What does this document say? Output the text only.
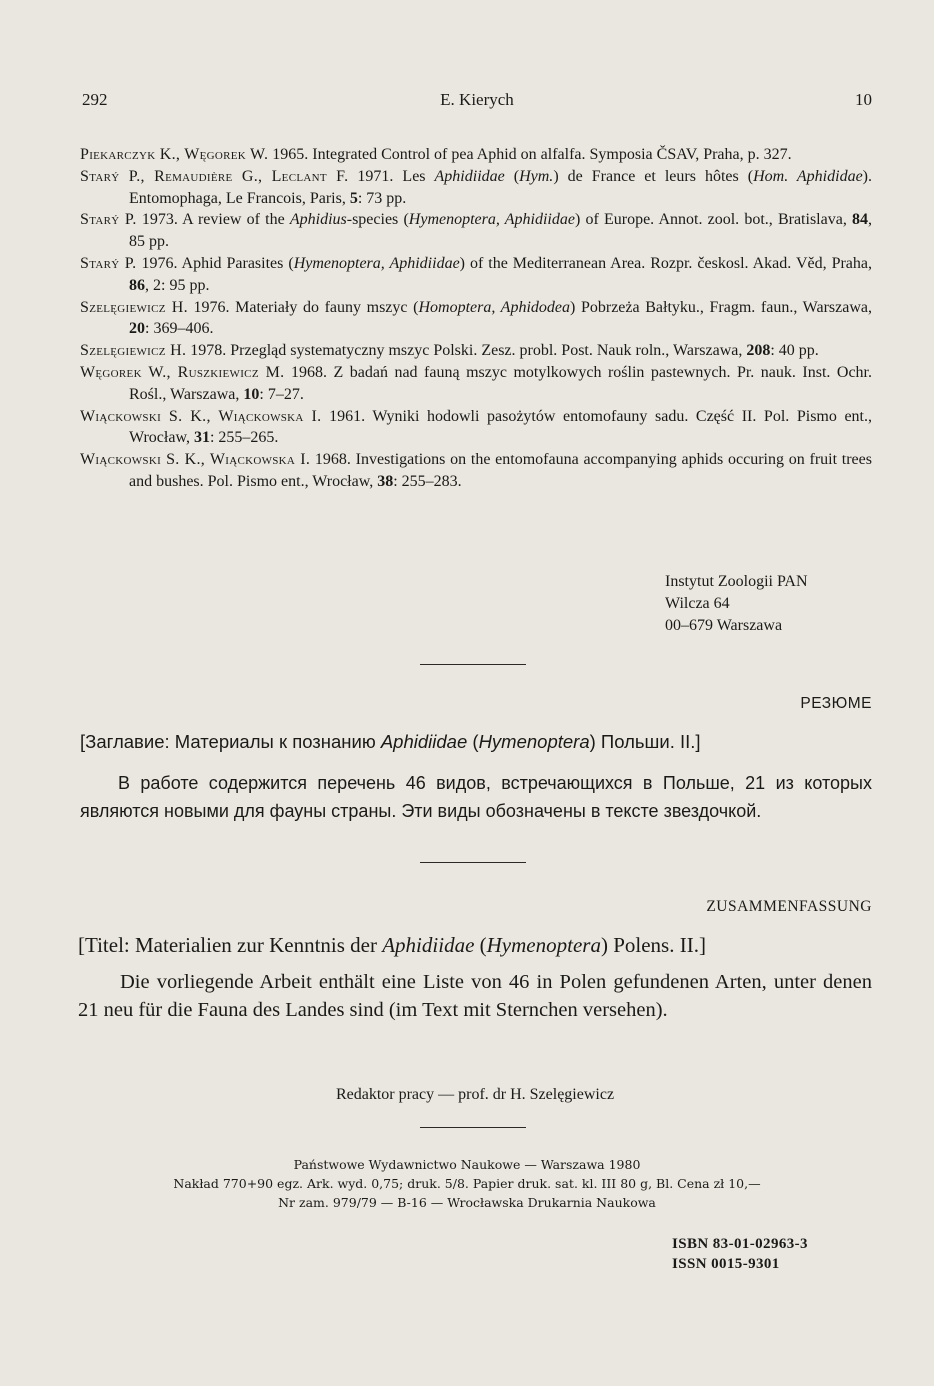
292	E. Kierych	10
Piekarczyk K., Węgorek W. 1965. Integrated Control of pea Aphid on alfalfa. Symposia ČSAV, Praha, p. 327.
Starý P., Remaudière G., Leclant F. 1971. Les Aphidiidae (Hym.) de France et leurs hôtes (Hom. Aphididae). Entomophaga, Le Francois, Paris, 5: 73 pp.
Starý P. 1973. A review of the Aphidius-species (Hymenoptera, Aphidiidae) of Europe. Annot. zool. bot., Bratislava, 84, 85 pp.
Starý P. 1976. Aphid Parasites (Hymenoptera, Aphidiidae) of the Mediterranean Area. Rozpr. českosl. Akad. Věd, Praha, 86, 2: 95 pp.
Szelęgiewicz H. 1976. Materiały do fauny mszyc (Homoptera, Aphidodea) Pobrzeża Bałtyku., Fragm. faun., Warszawa, 20: 369–406.
Szelęgiewicz H. 1978. Przegląd systematyczny mszyc Polski. Zesz. probl. Post. Nauk roln., Warszawa, 208: 40 pp.
Węgorek W., Ruszkiewicz M. 1968. Z badań nad fauną mszyc motylkowych roślin pastewnych. Pr. nauk. Inst. Ochr. Rośl., Warszawa, 10: 7–27.
Wiąckowski S. K., Wiąckowska I. 1961. Wyniki hodowli pasożytów entomofauny sadu. Część II. Pol. Pismo ent., Wrocław, 31: 255–265.
Wiąckowski S. K., Wiąckowska I. 1968. Investigations on the entomofauna accompanying aphids occuring on fruit trees and bushes. Pol. Pismo ent., Wrocław, 38: 255–283.
Instytut Zoologii PAN
Wilcza 64
00–679 Warszawa
РЕЗЮМЕ
[Заглавие: Материалы к познанию Aphidiidae (Hymenoptera) Польши. II.]
В работе содержится перечень 46 видов, встречающихся в Польше, 21 из которых являются новыми для фауны страны. Эти виды обозначены в тексте звездочкой.
ZUSAMMENFASSUNG
[Titel: Materialien zur Kenntnis der Aphidiidae (Hymenoptera) Polens. II.]
Die vorliegende Arbeit enthält eine Liste von 46 in Polen gefundenen Arten, unter denen 21 neu für die Fauna des Landes sind (im Text mit Sternchen versehen).
Redaktor pracy — prof. dr H. Szelęgiewicz
Państwowe Wydawnictwo Naukowe — Warszawa 1980
Nakład 770+90 egz. Ark. wyd. 0,75; druk. 5/8. Papier druk. sat. kl. III 80 g, Bl. Cena zł 10,—
Nr zam. 979/79 — B-16 — Wrocławska Drukarnia Naukowa
ISBN 83-01-02963-3
ISSN 0015-9301
